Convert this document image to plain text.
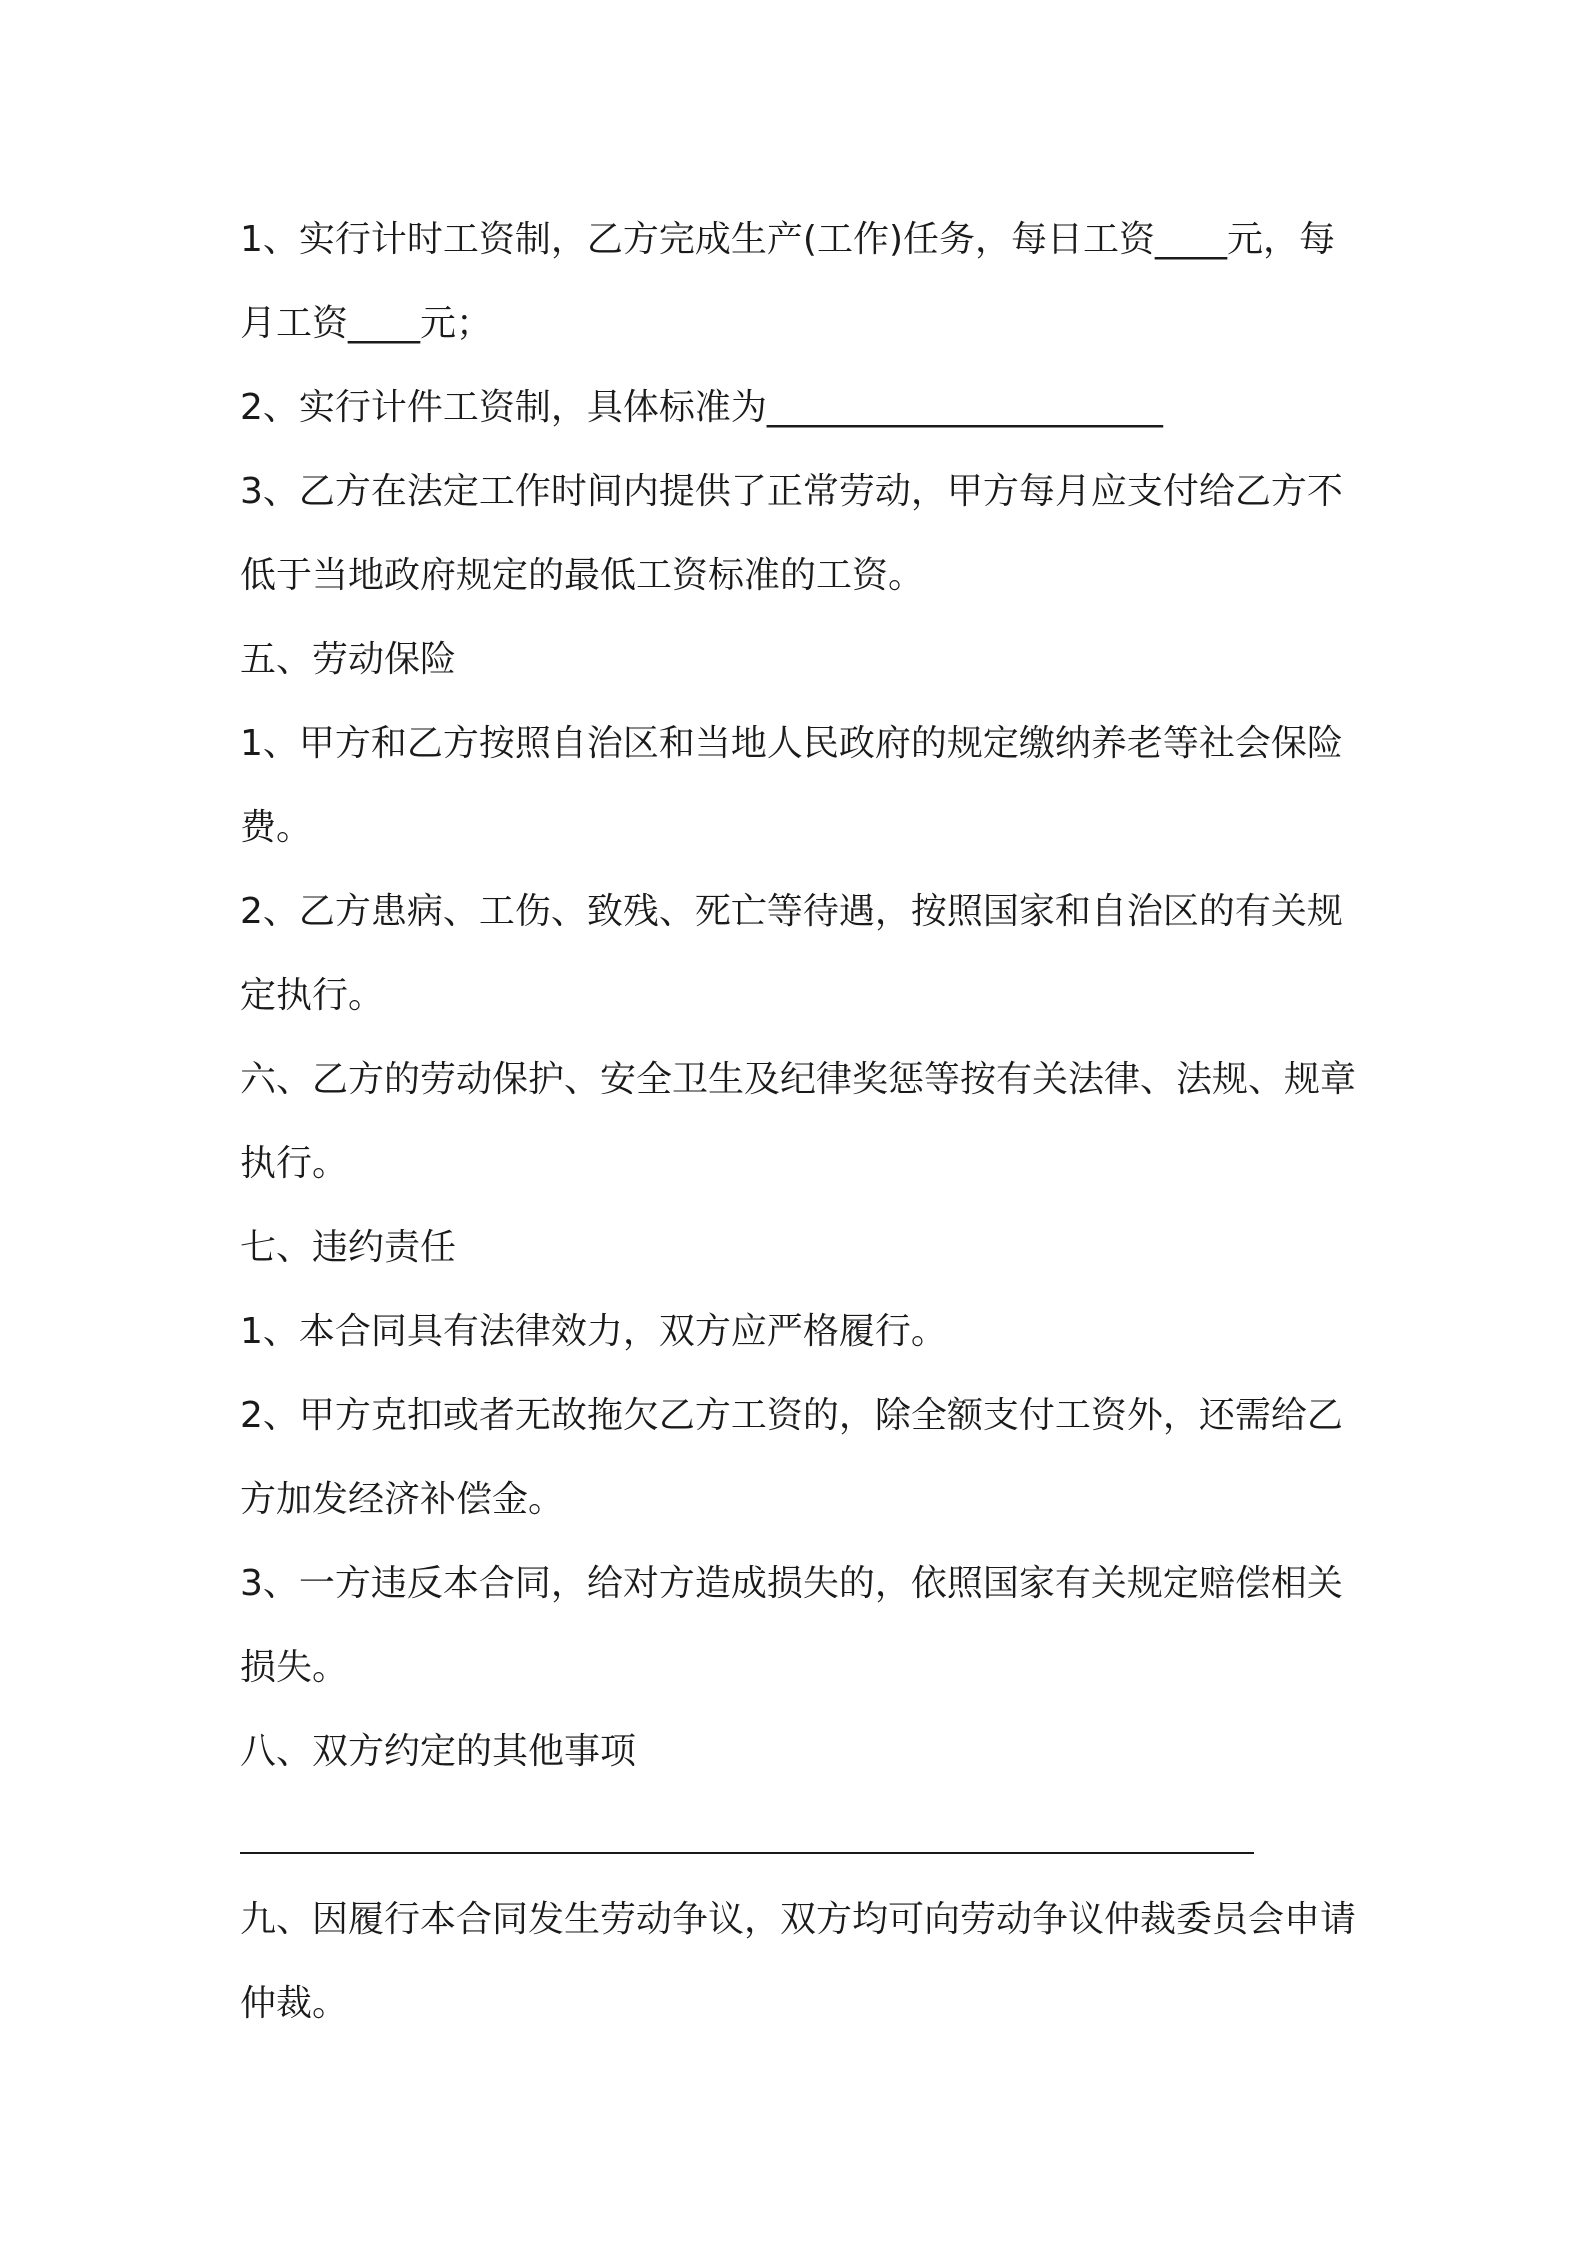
1、实行计时工资制，乙方完成生产(工作)任务，每日工资____元，每月工资____元；

2、实行计件工资制，具体标准为______________________

3、乙方在法定工作时间内提供了正常劳动，甲方每月应支付给乙方不低于当地政府规定的最低工资标准的工资。

五、劳动保险

1、甲方和乙方按照自治区和当地人民政府的规定缴纳养老等社会保险费。

2、乙方患病、工伤、致残、死亡等待遇，按照国家和自治区的有关规定执行。

六、乙方的劳动保护、安全卫生及纪律奖惩等按有关法律、法规、规章执行。

七、违约责任

1、本合同具有法律效力，双方应严格履行。

2、甲方克扣或者无故拖欠乙方工资的，除全额支付工资外，还需给乙方加发经济补偿金。

3、一方违反本合同，给对方造成损失的，依照国家有关规定赔偿相关损失。

八、双方约定的其他事项

九、因履行本合同发生劳动争议，双方均可向劳动争议仲裁委员会申请仲裁。
